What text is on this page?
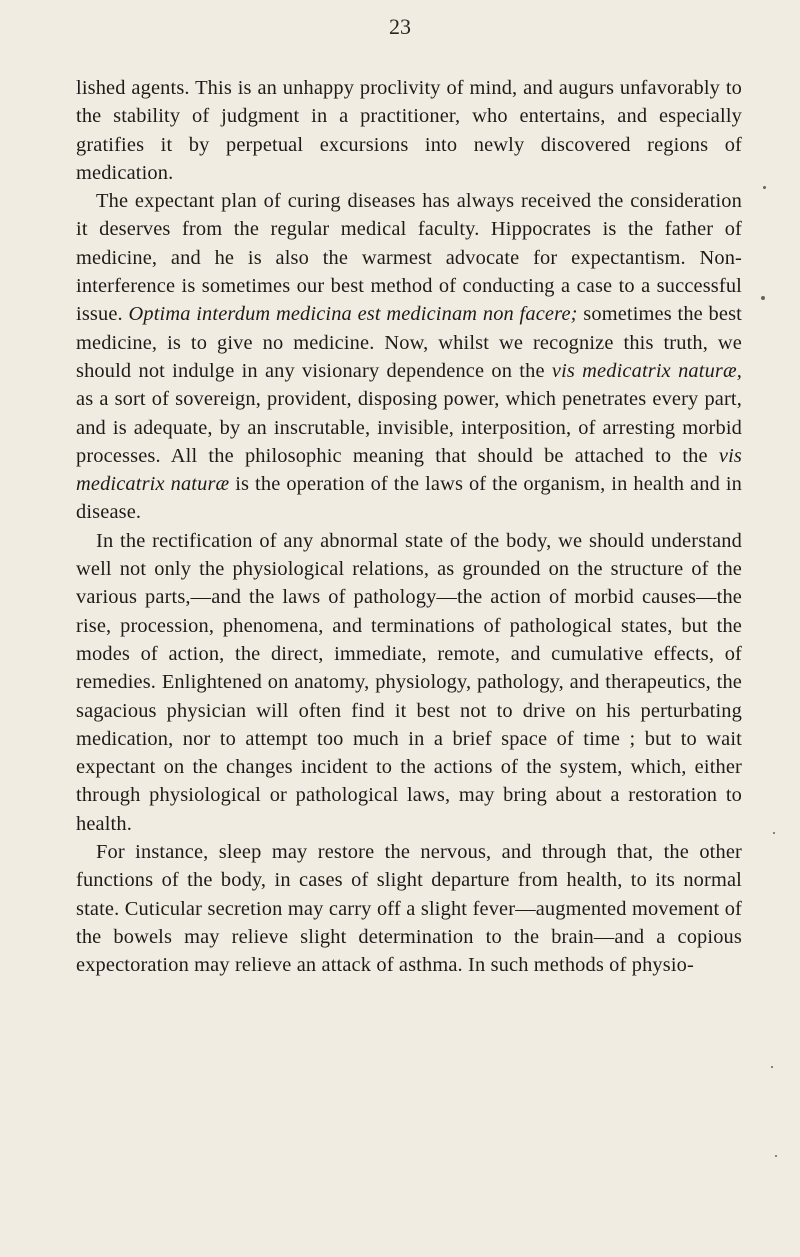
23

lished agents. This is an unhappy proclivity of mind, and augurs unfavorably to the stability of judgment in a practitioner, who entertains, and especially gratifies it by perpetual excursions into newly discovered regions of medication.

The expectant plan of curing diseases has always received the consideration it deserves from the regular medical faculty. Hippocrates is the father of medicine, and he is also the warmest advocate for expectantism. Non-interference is sometimes our best method of conducting a case to a successful issue. Optima interdum medicina est medicinam non facere; sometimes the best medicine, is to give no medicine. Now, whilst we recognize this truth, we should not indulge in any visionary dependence on the vis medicatrix naturæ, as a sort of sovereign, provident, disposing power, which penetrates every part, and is adequate, by an inscrutable, invisible, interposition, of arresting morbid processes. All the philosophic meaning that should be attached to the vis medicatrix naturæ is the operation of the laws of the organism, in health and in disease.

In the rectification of any abnormal state of the body, we should understand well not only the physiological relations, as grounded on the structure of the various parts,—and the laws of pathology—the action of morbid causes—the rise, procession, phenomena, and terminations of pathological states, but the modes of action, the direct, immediate, remote, and cumulative effects, of remedies. Enlightened on anatomy, physiology, pathology, and therapeutics, the sagacious physician will often find it best not to drive on his perturbating medication, nor to attempt too much in a brief space of time ; but to wait expectant on the changes incident to the actions of the system, which, either through physiological or pathological laws, may bring about a restoration to health.

For instance, sleep may restore the nervous, and through that, the other functions of the body, in cases of slight departure from health, to its normal state. Cuticular secretion may carry off a slight fever—augmented movement of the bowels may relieve slight determination to the brain—and a copious expectoration may relieve an attack of asthma. In such methods of physio-
